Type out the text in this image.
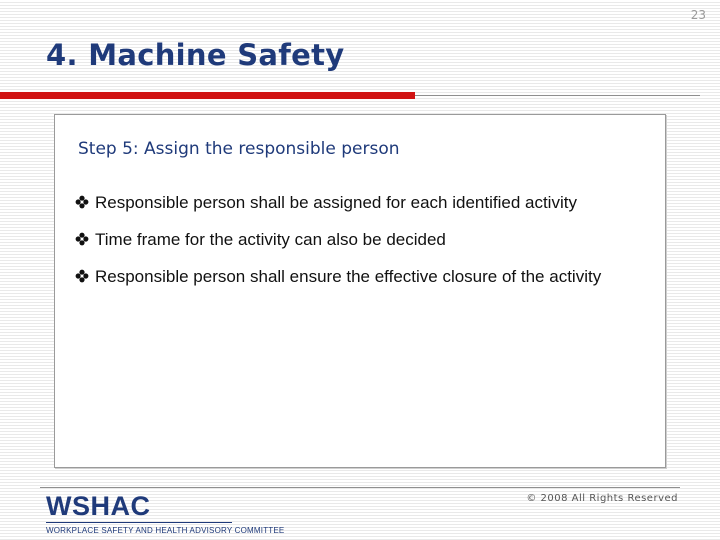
23
4. Machine Safety
Step 5: Assign the responsible person
Responsible person shall be assigned for each identified activity
Time frame for the activity can also be decided
Responsible person shall ensure the effective closure of the activity
WSHAC
WORKPLACE SAFETY AND HEALTH ADVISORY COMMITTEE
© 2008 All Rights Reserved
